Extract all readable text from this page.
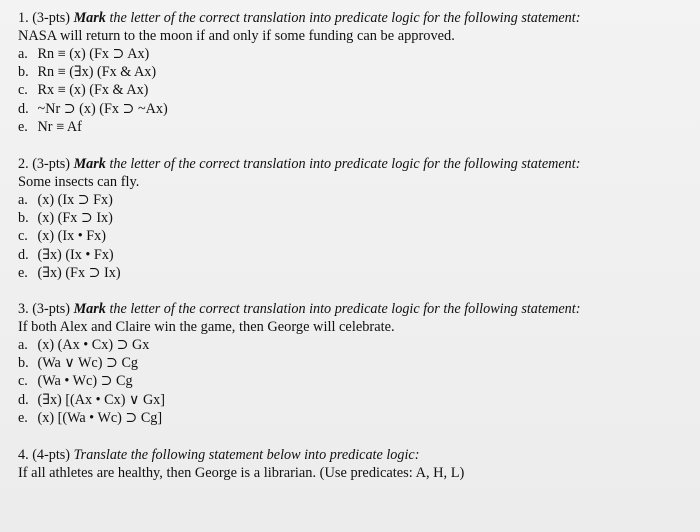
1. (3-pts) Mark the letter of the correct translation into predicate logic for the following statement:
NASA will return to the moon if and only if some funding can be approved.
a. Rn ≡ (x) (Fx ⊃ Ax)
b. Rn ≡ (∃x) (Fx & Ax)
c. Rx ≡ (x) (Fx & Ax)
d. ~Nr ⊃ (x) (Fx ⊃ ~Ax)
e. Nr ≡ Af
2. (3-pts) Mark the letter of the correct translation into predicate logic for the following statement:
Some insects can fly.
a. (x) (Ix ⊃ Fx)
b. (x) (Fx ⊃ Ix)
c. (x) (Ix • Fx)
d. (∃x) (Ix • Fx)
e. (∃x) (Fx ⊃ Ix)
3. (3-pts) Mark the letter of the correct translation into predicate logic for the following statement:
If both Alex and Claire win the game, then George will celebrate.
a. (x) (Ax • Cx) ⊃ Gx
b. (Wa ∨ Wc) ⊃ Cg
c. (Wa • Wc) ⊃ Cg
d. (∃x) [(Ax • Cx) ∨ Gx]
e. (x) [(Wa • Wc) ⊃ Cg]
4. (4-pts) Translate the following statement below into predicate logic:
If all athletes are healthy, then George is a librarian. (Use predicates: A, H, L)
